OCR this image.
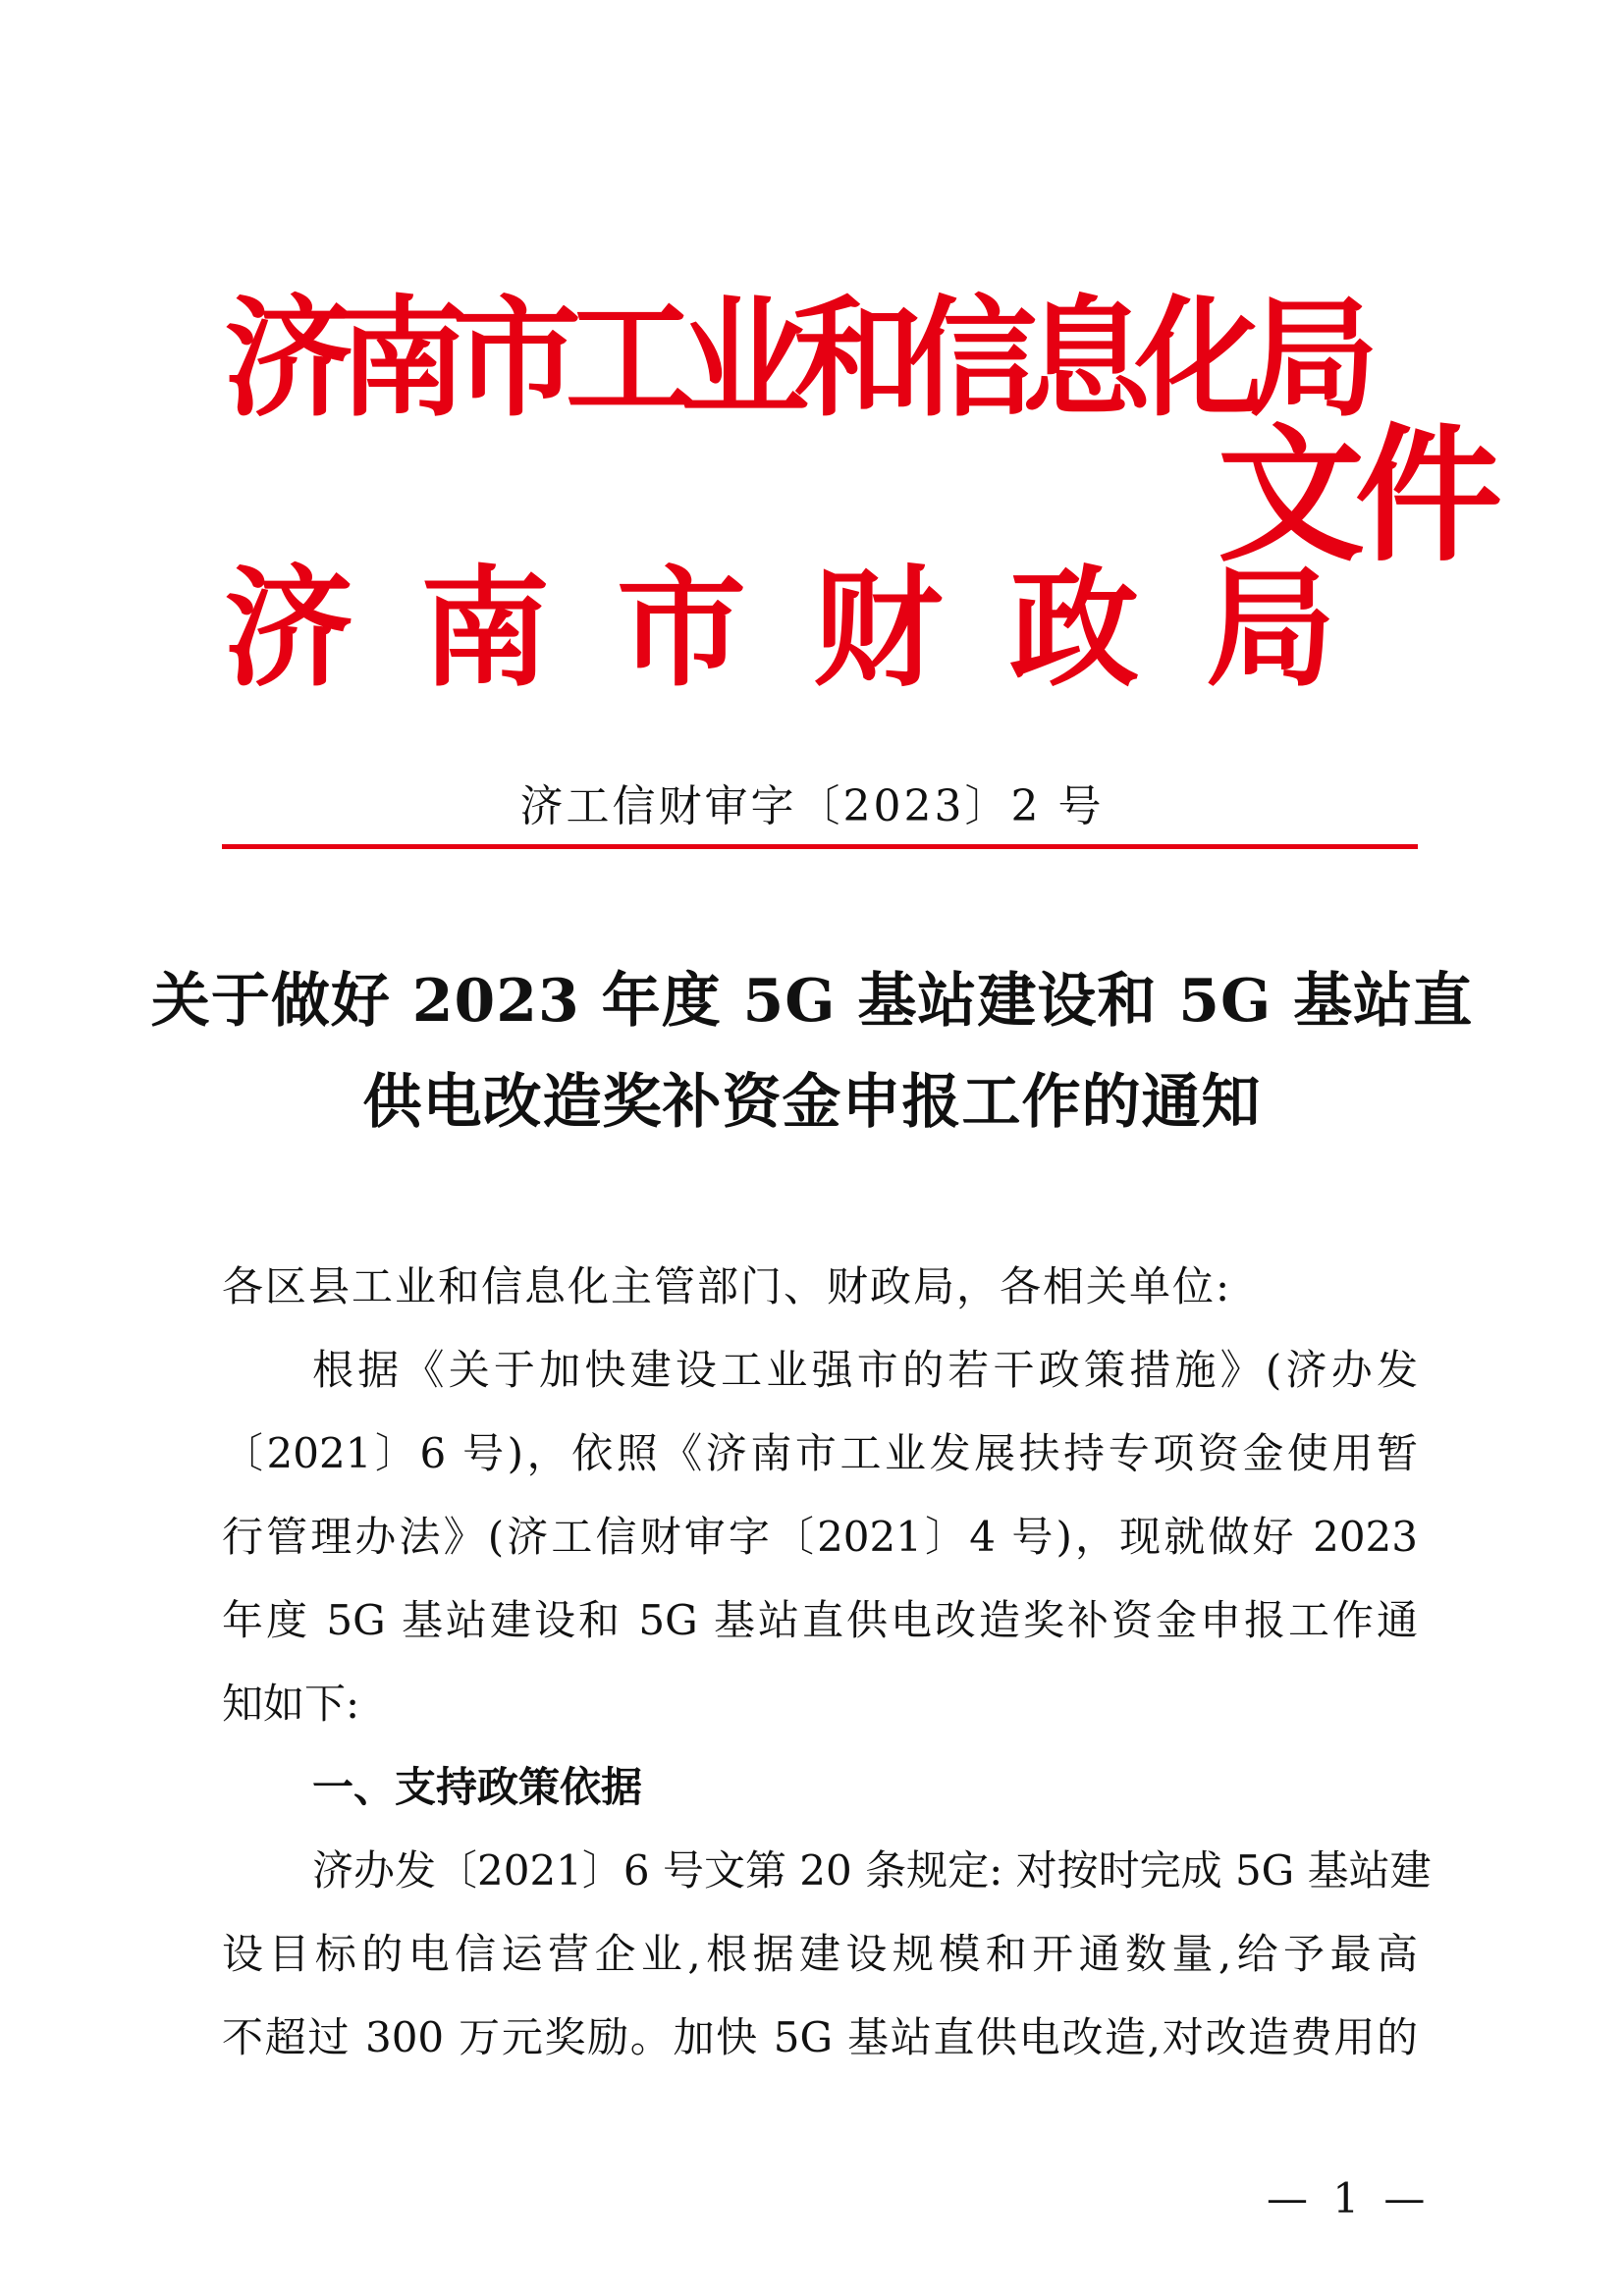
济南市工业和信息化局
济南市财政局
文件
济工信财审字〔2023〕2 号
关于做好 2023 年度 5G 基站建设和 5G 基站直
供电改造奖补资金申报工作的通知
各区县工业和信息化主管部门、财政局，各相关单位:
根据《关于加快建设工业强市的若干政策措施》(济办发
〔2021〕6 号)，依照《济南市工业发展扶持专项资金使用暂
行管理办法》(济工信财审字〔2021〕4 号)，现就做好 2023
年度 5G 基站建设和 5G 基站直供电改造奖补资金申报工作通
知如下:
一、支持政策依据
济办发〔2021〕6 号文第 20 条规定: 对按时完成 5G 基站建
设目标的电信运营企业,根据建设规模和开通数量,给予最高
不超过 300 万元奖励。加快 5G 基站直供电改造,对改造费用的
— 1 —
